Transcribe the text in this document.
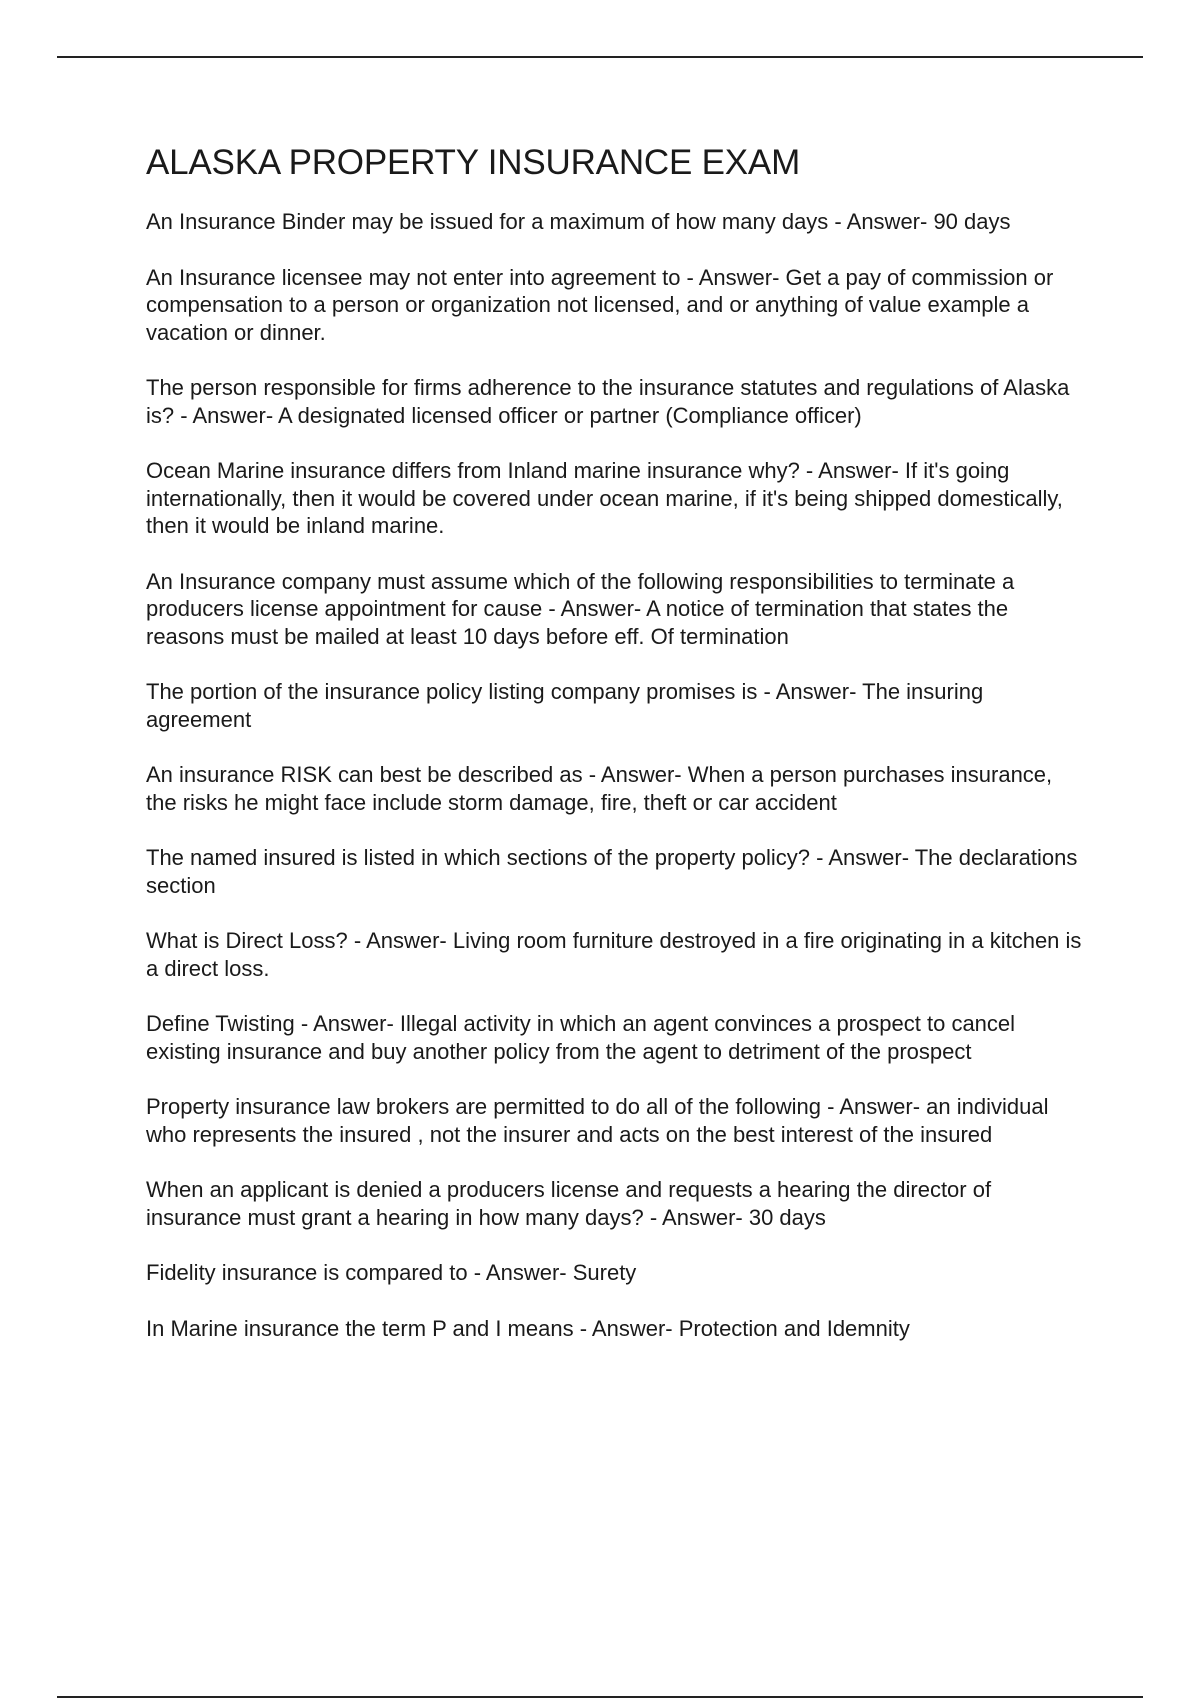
ALASKA PROPERTY INSURANCE EXAM
An Insurance Binder may be issued for a maximum of how many days - Answer- 90 days
An Insurance licensee may not enter into agreement to - Answer- Get a pay of commission or compensation to a person or organization not licensed, and or anything of value example a vacation or dinner.
The person responsible for firms adherence to the insurance statutes and regulations of Alaska is? - Answer- A designated licensed officer or partner (Compliance officer)
Ocean Marine insurance differs from Inland marine insurance why? - Answer- If it's going internationally, then it would be covered under ocean marine, if it's being shipped domestically, then it would be inland marine.
An Insurance company must assume which of the following responsibilities to terminate a producers license appointment for cause - Answer- A notice of termination that states the reasons must be mailed at least 10 days before eff. Of termination
The portion of the insurance policy listing company promises is - Answer- The insuring agreement
An insurance RISK can best be described as - Answer- When a person purchases insurance, the risks he might face include storm damage, fire, theft or car accident
The named insured is listed in which sections of the property policy? - Answer- The declarations section
What is Direct Loss? - Answer- Living room furniture destroyed in a fire originating in a kitchen is a direct loss.
Define Twisting - Answer- Illegal activity in which an agent convinces a prospect to cancel existing insurance and buy another policy from the agent to detriment of the prospect
Property insurance law brokers are permitted to do all of the following - Answer- an individual who represents the insured , not the insurer and acts on the best interest of the insured
When an applicant is denied a producers license and requests a hearing the director of insurance must grant a hearing in how many days? - Answer- 30 days
Fidelity insurance is compared to - Answer- Surety
In Marine insurance the term P and I means - Answer- Protection and Idemnity
